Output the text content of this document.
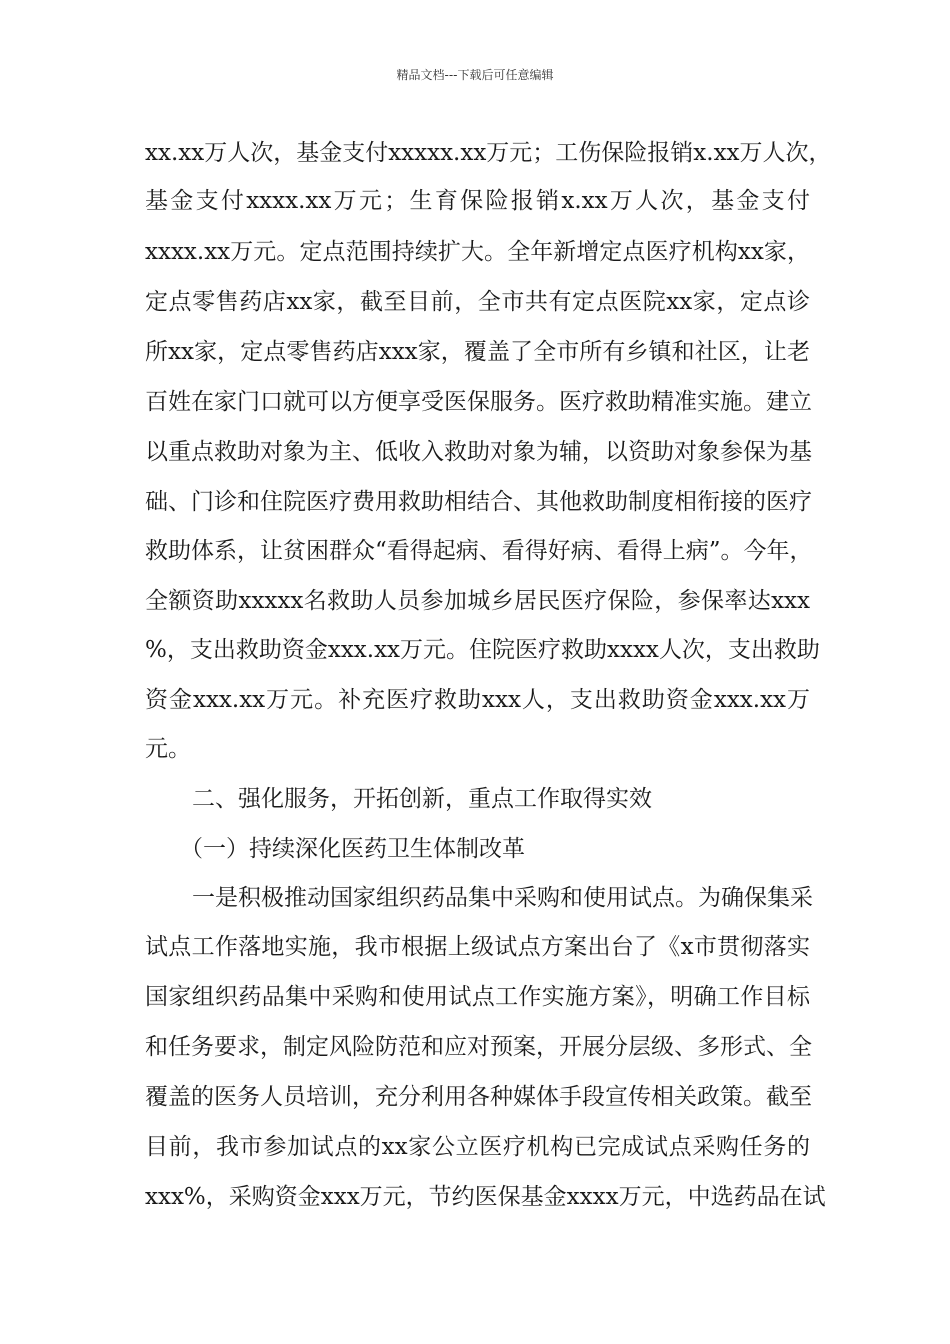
精品文档---下载后可任意编辑
xx.xx万人次，基金支付xxxxx.xx万元；工伤保险报销x.xx万人次，
基金支付xxxx.xx万元；生育保险报销x.xx万人次，基金支付
xxxx.xx万元。定点范围持续扩大。全年新增定点医疗机构xx家，
定点零售药店xx家，截至目前，全市共有定点医院xx家，定点诊
所xx家，定点零售药店xxx家，覆盖了全市所有乡镇和社区，让老
百姓在家门口就可以方便享受医保服务。医疗救助精准实施。建立
以重点救助对象为主、低收入救助对象为辅，以资助对象参保为基
础、门诊和住院医疗费用救助相结合、其他救助制度相衔接的医疗
救助体系，让贫困群众“看得起病、看得好病、看得上病”。今年，
全额资助xxxxx名救助人员参加城乡居民医疗保险，参保率达xxx
%，支出救助资金xxx.xx万元。住院医疗救助xxxx人次，支出救助
资金xxx.xx万元。补充医疗救助xxx人，支出救助资金xxx.xx万
元。
二、强化服务，开拓创新，重点工作取得实效
（一）持续深化医药卫生体制改革
一是积极推动国家组织药品集中采购和使用试点。为确保集采
试点工作落地实施，我市根据上级试点方案出台了《x市贯彻落实
国家组织药品集中采购和使用试点工作实施方案》，明确工作目标
和任务要求，制定风险防范和应对预案，开展分层级、多形式、全
覆盖的医务人员培训，充分利用各种媒体手段宣传相关政策。截至
目前，我市参加试点的xx家公立医疗机构已完成试点采购任务的
xxx%，采购资金xxx万元，节约医保基金xxxx万元，中选药品在试
